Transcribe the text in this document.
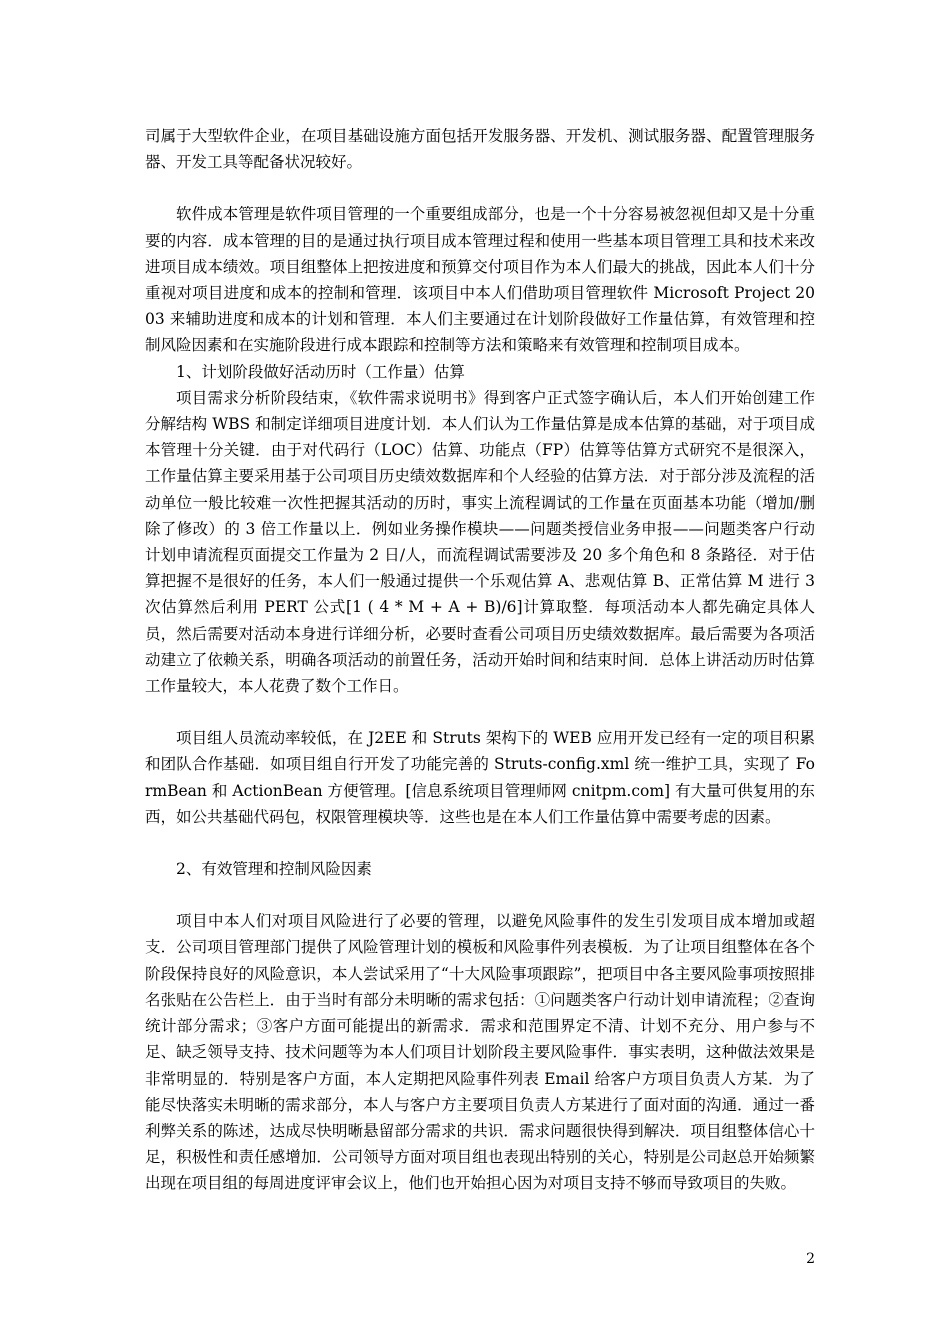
司属于大型软件企业，在项目基础设施方面包括开发服务器、开发机、测试服务器、配置管理服务器、开发工具等配备状况较好。

软件成本管理是软件项目管理的一个重要组成部分，也是一个十分容易被忽视但却又是十分重要的内容．成本管理的目的是通过执行项目成本管理过程和使用一些基本项目管理工具和技术来改进项目成本绩效。项目组整体上把按进度和预算交付项目作为本人们最大的挑战，因此本人们十分重视对项目进度和成本的控制和管理．该项目中本人们借助项目管理软件 Microsoft Project 2003 来辅助进度和成本的计划和管理．本人们主要通过在计划阶段做好工作量估算，有效管理和控制风险因素和在实施阶段进行成本跟踪和控制等方法和策略来有效管理和控制项目成本。

1、计划阶段做好活动历时（工作量）估算

项目需求分析阶段结束，《软件需求说明书》得到客户正式签字确认后，本人们开始创建工作分解结构 WBS 和制定详细项目进度计划．本人们认为工作量估算是成本估算的基础，对于项目成本管理十分关键．由于对代码行（LOC）估算、功能点（FP）估算等估算方式研究不是很深入，工作量估算主要采用基于公司项目历史绩效数据库和个人经验的估算方法．对于部分涉及流程的活动单位一般比较难一次性把握其活动的历时，事实上流程调试的工作量在页面基本功能（增加/删除了修改）的 3 倍工作量以上．例如业务操作模块——问题类授信业务申报——问题类客户行动计划申请流程页面提交工作量为 2 日/人，而流程调试需要涉及 20 多个角色和 8 条路径．对于估算把握不是很好的任务，本人们一般通过提供一个乐观估算 A、悲观估算 B、正常估算 M 进行 3 次估算然后利用 PERT 公式[1 ( 4 * M + A + B)/6]计算取整．每项活动本人都先确定具体人员，然后需要对活动本身进行详细分析，必要时查看公司项目历史绩效数据库。最后需要为各项活动建立了依赖关系，明确各项活动的前置任务，活动开始时间和结束时间．总体上讲活动历时估算工作量较大，本人花费了数个工作日。

项目组人员流动率较低，在 J2EE 和 Struts 架构下的 WEB 应用开发已经有一定的项目积累和团队合作基础．如项目组自行开发了功能完善的 Struts-config.xml 统一维护工具，实现了 FormBean 和 ActionBean 方便管理。[信息系统项目管理师网 cnitpm.com] 有大量可供复用的东西，如公共基础代码包，权限管理模块等．这些也是在本人们工作量估算中需要考虑的因素。

2、有效管理和控制风险因素

项目中本人们对项目风险进行了必要的管理，以避免风险事件的发生引发项目成本增加或超支．公司项目管理部门提供了风险管理计划的模板和风险事件列表模板．为了让项目组整体在各个阶段保持良好的风险意识，本人尝试采用了“十大风险事项跟踪”，把项目中各主要风险事项按照排名张贴在公告栏上．由于当时有部分未明晰的需求包括：①问题类客户行动计划申请流程；②查询统计部分需求；③客户方面可能提出的新需求．需求和范围界定不清、计划不充分、用户参与不足、缺乏领导支持、技术问题等为本人们项目计划阶段主要风险事件．事实表明，这种做法效果是非常明显的．特别是客户方面，本人定期把风险事件列表 Email 给客户方项目负责人方某．为了能尽快落实未明晰的需求部分，本人与客户方主要项目负责人方某进行了面对面的沟通．通过一番利弊关系的陈述，达成尽快明晰悬留部分需求的共识．需求问题很快得到解决．项目组整体信心十足，积极性和责任感增加．公司领导方面对项目组也表现出特别的关心，特别是公司赵总开始频繁出现在项目组的每周进度评审会议上，他们也开始担心因为对项目支持不够而导致项目的失败。

2
